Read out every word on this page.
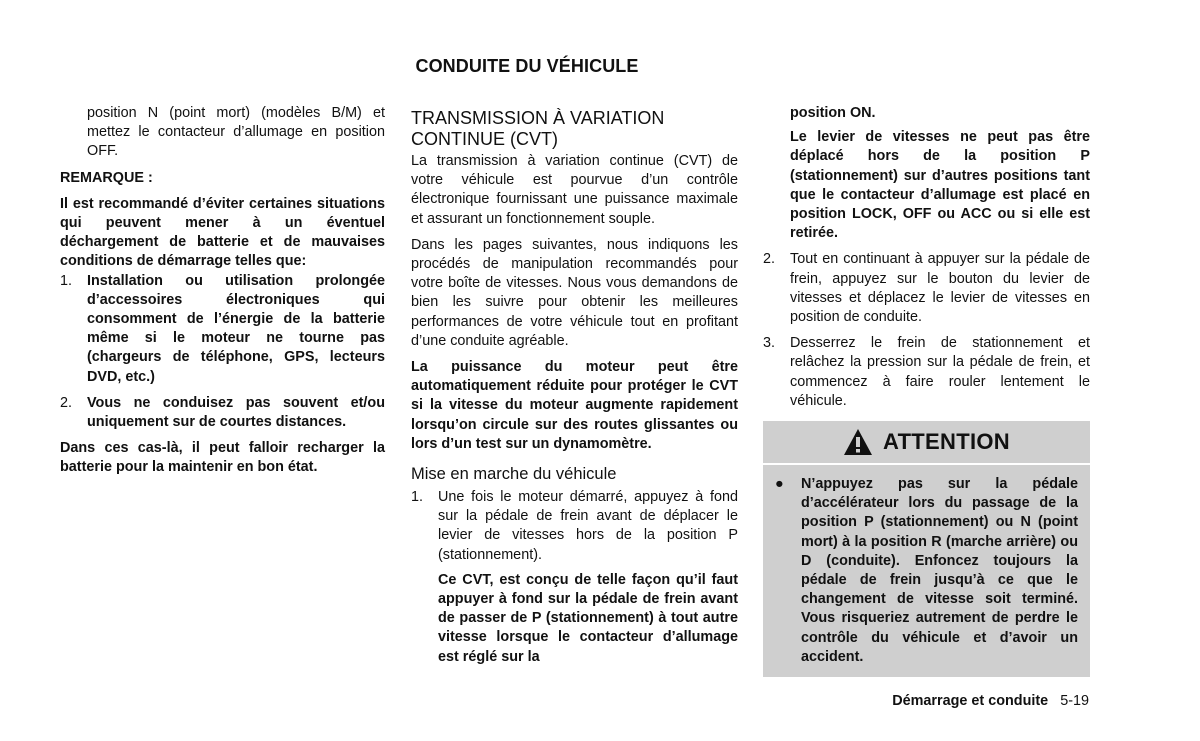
CONDUITE DU VÉHICULE

position N (point mort) (modèles B/M) et mettez le contacteur d’allumage en position OFF.

REMARQUE :

Il est recommandé d’éviter certaines situations qui peuvent mener à un éventuel déchargement de batterie et de mauvaises conditions de démarrage telles que:

1. Installation ou utilisation prolongée d’accessoires électroniques qui consomment de l’énergie de la batterie même si le moteur ne tourne pas (chargeurs de téléphone, GPS, lecteurs DVD, etc.)
2. Vous ne conduisez pas souvent et/ou uniquement sur de courtes distances.

Dans ces cas-là, il peut falloir recharger la batterie pour la maintenir en bon état.

TRANSMISSION À VARIATION CONTINUE (CVT)

La transmission à variation continue (CVT) de votre véhicule est pourvue d’un contrôle électronique fournissant une puissance maximale et assurant un fonctionnement souple.

Dans les pages suivantes, nous indiquons les procédés de manipulation recommandés pour votre boîte de vitesses. Nous vous demandons de bien les suivre pour obtenir les meilleures performances de votre véhicule tout en profitant d’une conduite agréable.

La puissance du moteur peut être automatiquement réduite pour protéger le CVT si la vitesse du moteur augmente rapidement lorsqu’on circule sur des routes glissantes ou lors d’un test sur un dynamomètre.

Mise en marche du véhicule
1. Une fois le moteur démarré, appuyez à fond sur la pédale de frein avant de déplacer le levier de vitesses hors de la position P (stationnement).

Ce CVT, est conçu de telle façon qu’il faut appuyer à fond sur la pédale de frein avant de passer de P (stationnement) à tout autre vitesse lorsque le contacteur d’allumage est réglé sur la

position ON.

Le levier de vitesses ne peut pas être déplacé hors de la position P (stationnement) sur d’autres positions tant que le contacteur d’allumage est placé en position LOCK, OFF ou ACC ou si elle est retirée.

2. Tout en continuant à appuyer sur la pédale de frein, appuyez sur le bouton du levier de vitesses et déplacez le levier de vitesses en position de conduite.
3. Desserrez le frein de stationnement et relâchez la pression sur la pédale de frein, et commencez à faire rouler lentement le véhicule.
ATTENTION
● N’appuyez pas sur la pédale d’accélérateur lors du passage de la position P (stationnement) ou N (point mort) à la position R (marche arrière) ou D (conduite). Enfoncez toujours la pédale de frein jusqu’à ce que le changement de vitesse soit terminé. Vous risqueriez autrement de perdre le contrôle du véhicule et d’avoir un accident.
Démarrage et conduite 5-19
